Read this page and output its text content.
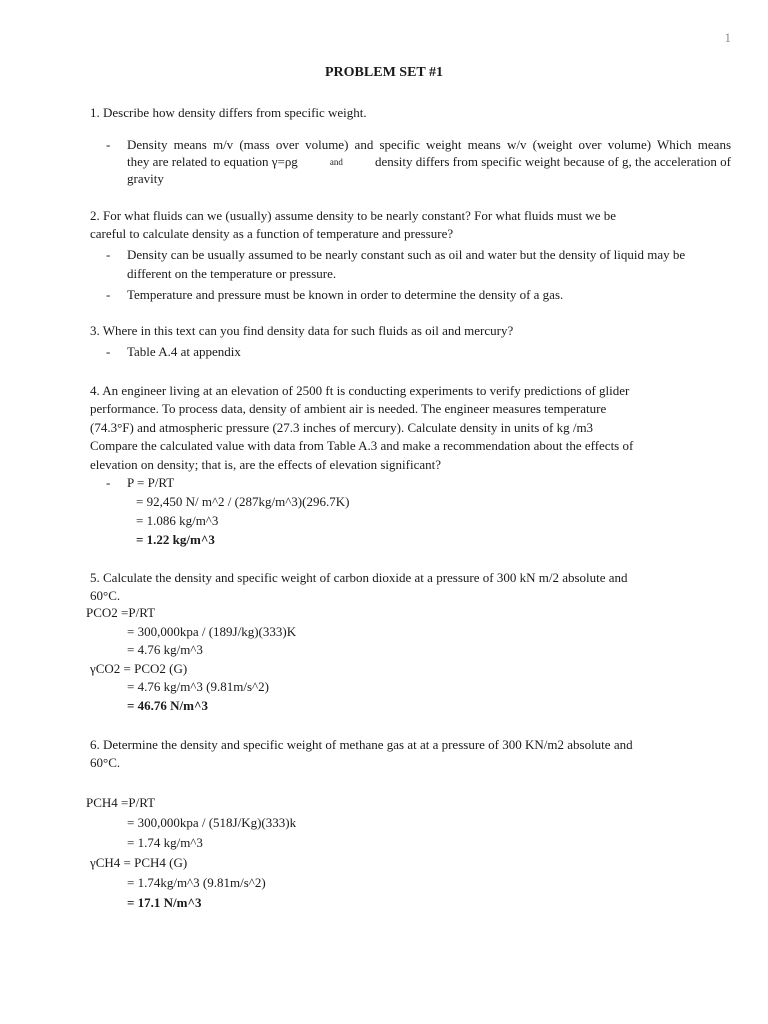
1
PROBLEM SET #1
1. Describe how density differs from specific weight.
- Density means m/v (mass over volume) and specific weight means w/v (weight over volume) Which means
they are related to equation γ=ρg	and density differs from specific weight because of g, the acceleration of
gravity
2. For what fluids can we (usually) assume density to be nearly constant? For what fluids must we be
careful to calculate density as a function of temperature and pressure?
- Density can be usually assumed to be nearly constant such as oil and water but the density of liquid may be
different on the temperature or pressure.
- Temperature and pressure must be known in order to determine the density of a gas.
3. Where in this text can you find density data for such fluids as oil and mercury?
- Table A.4 at appendix
4. An engineer living at an elevation of 2500 ft is conducting experiments to verify predictions of glider
performance. To process data, density of ambient air is needed. The engineer measures temperature
(74.3°F) and atmospheric pressure (27.3 inches of mercury). Calculate density in units of kg /m3
Compare the calculated value with data from Table A.3 and make a recommendation about the effects of
elevation on density; that is, are the effects of elevation significant?
- P = P/RT
= 92,450 N/ m^2 / (287kg/m^3)(296.7K)
= 1.086 kg/m^3
= 1.22 kg/m^3
5. Calculate the density and specific weight of carbon dioxide at a pressure of 300 kN m/2 absolute and
60°C.
PCO2 =P/RT
= 300,000kpa / (189J/kg)(333)K
= 4.76 kg/m^3
γCO2 = PCO2 (G)
= 4.76 kg/m^3 (9.81m/s^2)
= 46.76 N/m^3
6. Determine the density and specific weight of methane gas at at a pressure of 300 KN/m2 absolute and
60°C.
PCH4 =P/RT
= 300,000kpa / (518J/Kg)(333)k
= 1.74 kg/m^3
γCH4 = PCH4 (G)
= 1.74kg/m^3 (9.81m/s^2)
= 17.1 N/m^3
